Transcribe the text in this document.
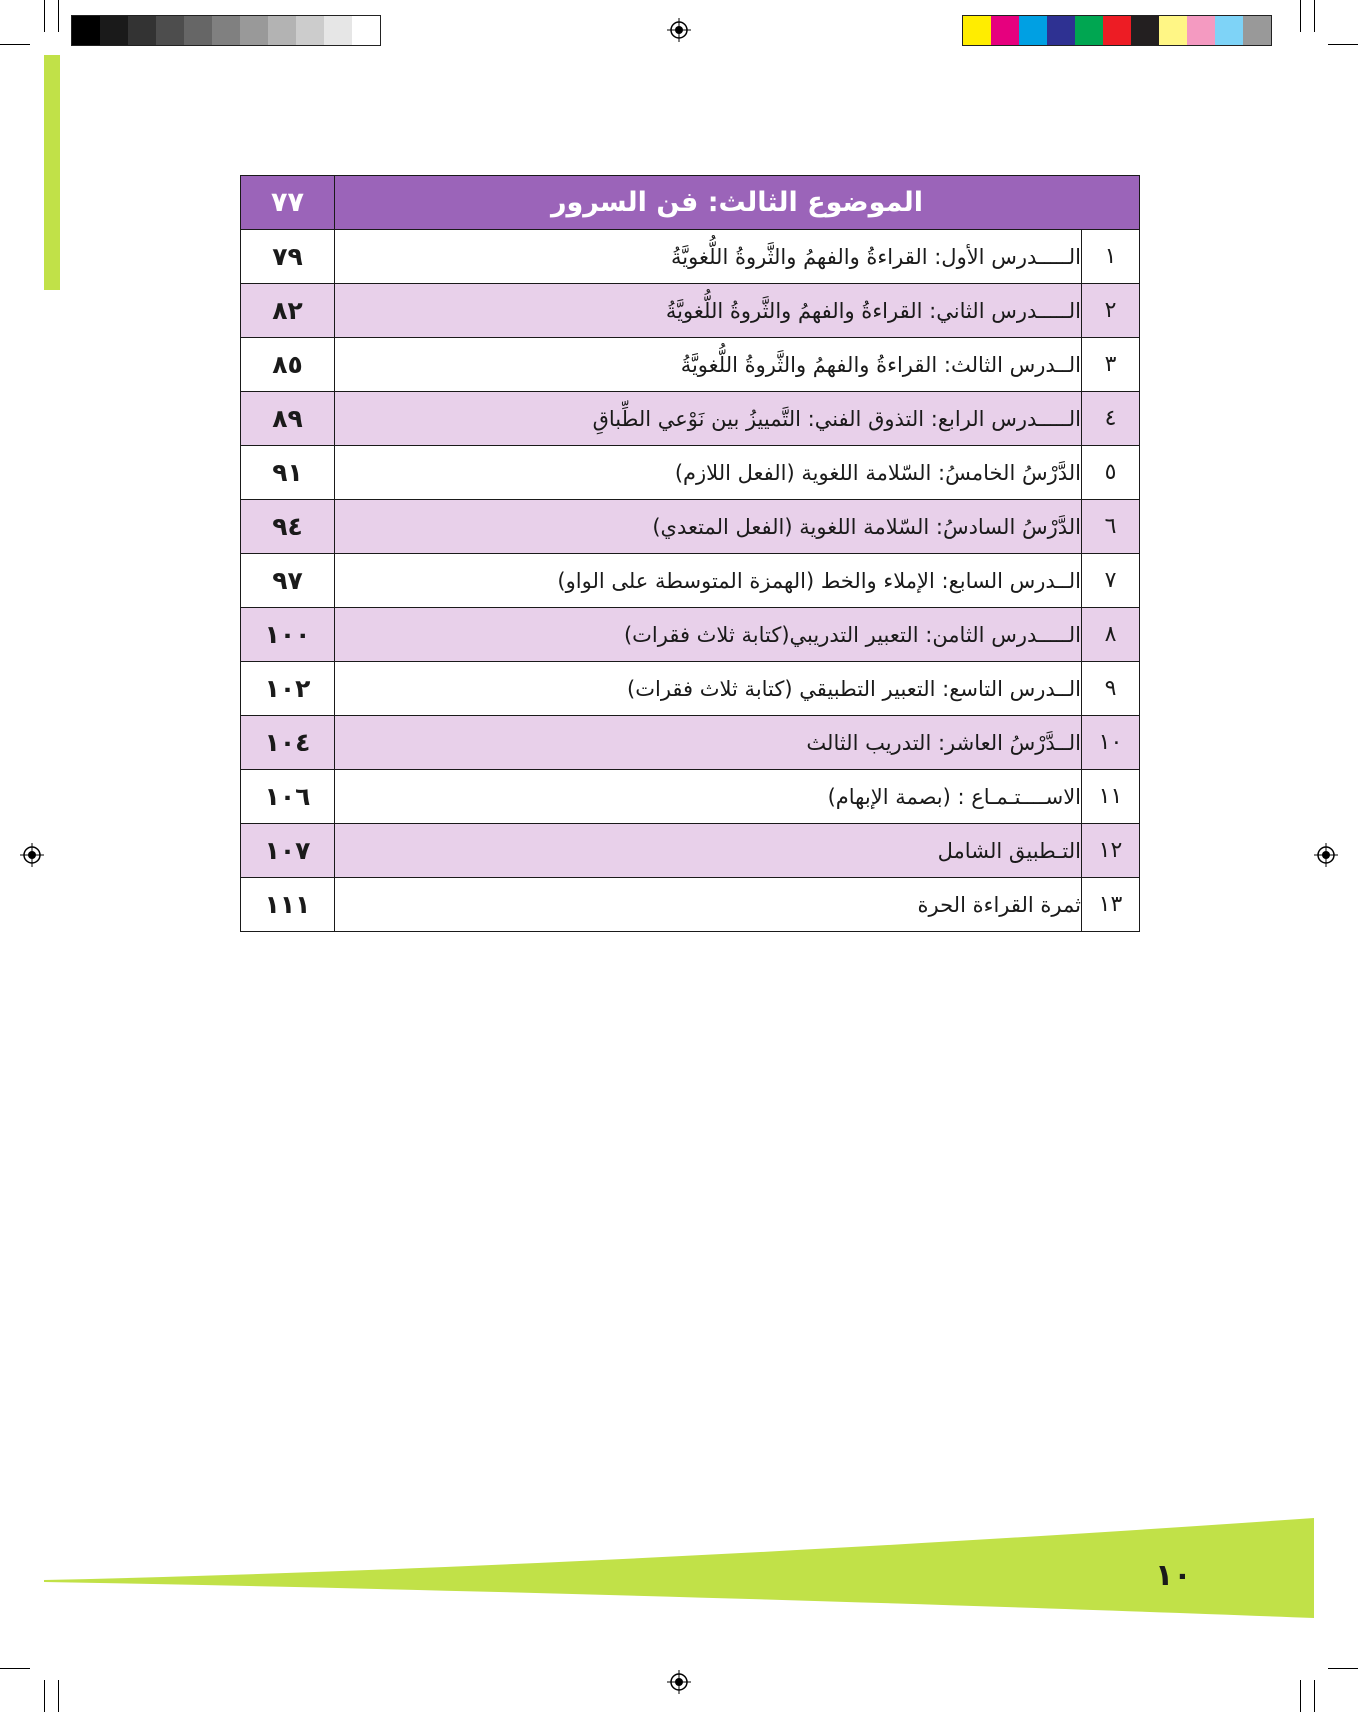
الموضوع الثالث: فن السرور		٧٧
١	الـــــدرس الأول: القراءةُ والفهمُ والثَّروةُ اللُّغويَّةُ	٧٩
٢	الـــــدرس الثاني: القراءةُ والفهمُ والثَّروةُ اللُّغويَّةُ	٨٢
٣	الــدرس الثالث: القراءةُ والفهمُ والثَّروةُ اللُّغويَّةُ	٨٥
٤	الـــــدرس الرابع: التذوق الفني: التَّمييزُ بين نَوْعي الطِّباقِ	٨٩
٥	الدَّرْسُ الخامسُ: السّلامة اللغوية (الفعل اللازم)	٩١
٦	الدَّرْسُ السادسُ: السّلامة اللغوية (الفعل المتعدي)	٩٤
٧	الــدرس السابع: الإملاء والخط (الهمزة المتوسطة على الواو)	٩٧
٨	الـــــدرس الثامن: التعبير التدريبي(كتابة ثلاث فقرات)	١٠٠
٩	الــدرس التاسع: التعبير التطبيقي (كتابة ثلاث فقرات)	١٠٢
١٠	الــدَّرْسُ العاشر: التدريب الثالث	١٠٤
١١	الاســــتـمـاع : (بصمة الإبهام)	١٠٦
١٢	التـطبيق الشامل	١٠٧
١٣	ثمرة القراءة الحرة	١١١
١٠
